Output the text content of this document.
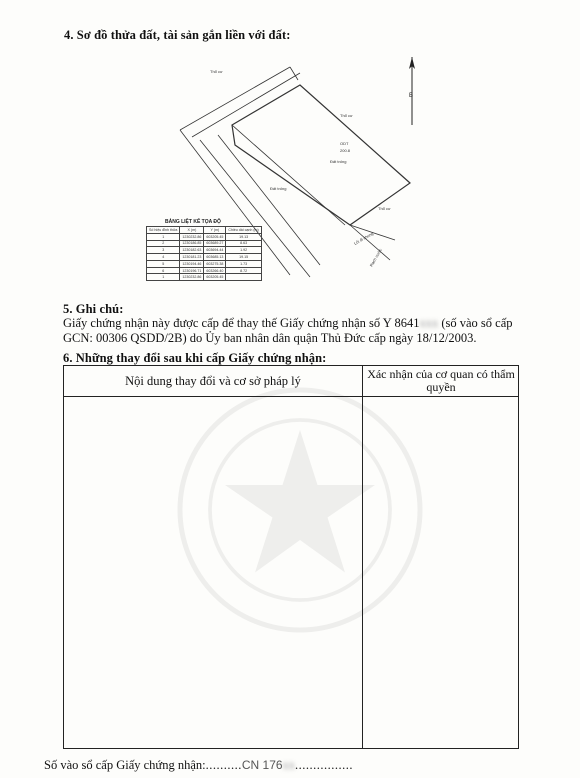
4. Sơ đồ thửa đất, tài sản gắn liền với đất:
B
Thổ cư
Thổ cư
Thổ cư
Đất trống
Đất trống
ODT
200.8
Lối đi chung
Rạch nước
BẢNG LIỆT KÊ TỌA ĐỘ
Số hiệu đỉnh thửa	X (m)	Y (m)	Chiều dài cạnh (m)
1	1230232.86	603205.45	19.13
2	1230186.85	603689.27	8.63
3	1230182.63	603694.44	1.92
4	1230181.23	603685.13	19.15
5	1230194.46	603275.38	1.73
6	1230196.71	603266.40	8.72
1	1230232.86	603205.45	
5. Ghi chú:
Giấy chứng nhận này được cấp để thay thế Giấy chứng nhận số Y 8641xxx (số vào sổ cấp GCN: 00306 QSDD/2B) do Ủy ban nhân dân quận Thủ Đức cấp ngày 18/12/2003.
6. Những thay đổi sau khi cấp Giấy chứng nhận:
Nội dung thay đổi và cơ sở pháp lý	Xác nhận của cơ quan có thẩm quyền
Số vào sổ cấp Giấy chứng nhận:..........CN 176xx................
